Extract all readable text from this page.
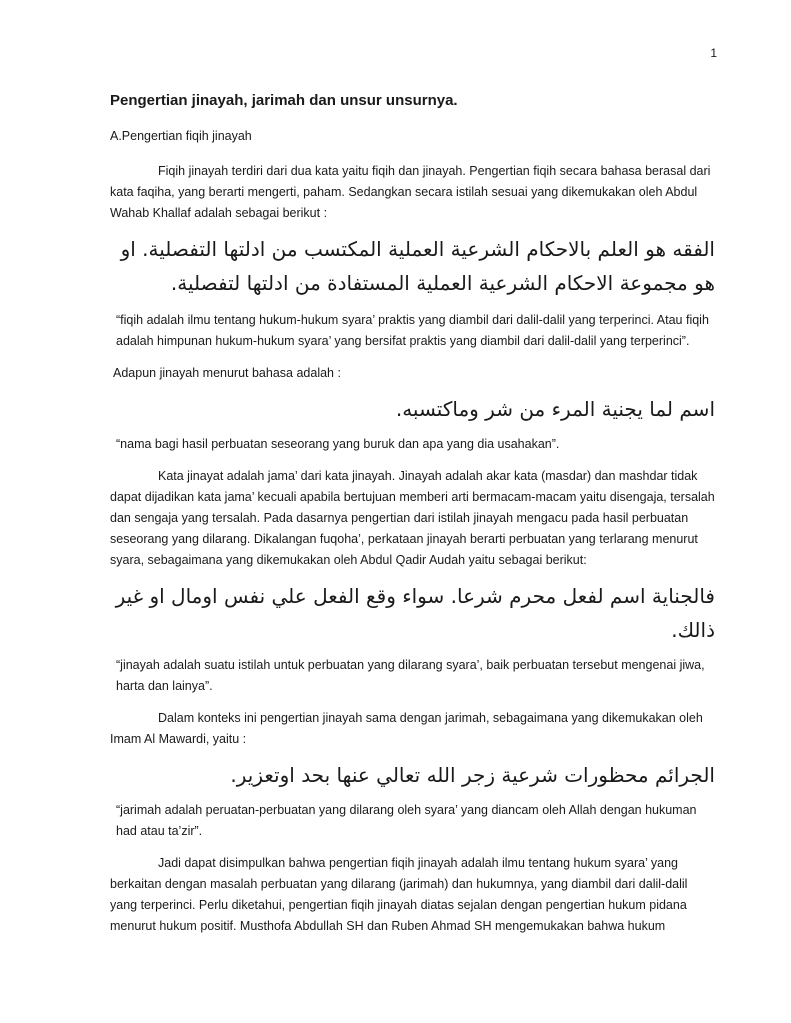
1
Pengertian jinayah, jarimah dan unsur unsurnya.
A.Pengertian fiqih jinayah

Fiqih jinayah terdiri dari dua kata yaitu fiqih dan jinayah. Pengertian fiqih secara bahasa berasal dari kata faqiha, yang berarti mengerti, paham. Sedangkan secara istilah sesuai yang dikemukakan oleh Abdul Wahab Khallaf adalah sebagai berikut :

الفقه هو العلم بالاحكام الشرعية العملية المكتسب من ادلتها التفصلية. او هو مجموعة الاحكام الشرعية العملية المستفادة من ادلتها لتفصلية.

“fiqih adalah ilmu tentang hukum-hukum syara’ praktis yang diambil dari dalil-dalil yang terperinci. Atau fiqih adalah himpunan hukum-hukum syara’ yang bersifat praktis yang diambil dari dalil-dalil yang terperinci”.

Adapun jinayah menurut bahasa adalah :

اسم لما يجنية المرء من شر وماكتسبه.

“nama bagi hasil perbuatan seseorang yang buruk dan apa yang dia usahakan”.

Kata jinayat adalah jama’ dari kata jinayah. Jinayah adalah akar kata (masdar) dan mashdar tidak dapat dijadikan kata jama’ kecuali apabila bertujuan memberi arti bermacam-macam yaitu disengaja, tersalah dan sengaja yang tersalah. Pada dasarnya pengertian dari istilah jinayah mengacu pada hasil perbuatan seseorang yang dilarang. Dikalangan fuqoha’, perkataan jinayah berarti perbuatan yang terlarang menurut syara, sebagaimana yang dikemukakan oleh Abdul Qadir Audah yaitu sebagai berikut:

فالجناية اسم لفعل محرم شرعا. سواء وقع الفعل علي نفس اومال او غير ذالك.

“jinayah adalah suatu istilah untuk perbuatan yang dilarang syara’, baik perbuatan tersebut mengenai jiwa, harta dan lainya”.

Dalam konteks ini pengertian jinayah sama dengan jarimah, sebagaimana yang dikemukakan oleh Imam Al Mawardi, yaitu :

الجرائم محظورات شرعية زجر الله تعالي عنها بحد اوتعزير.

“jarimah adalah peruatan-perbuatan yang dilarang oleh syara’ yang diancam oleh Allah dengan hukuman had atau ta’zir”.

Jadi dapat disimpulkan bahwa pengertian fiqih jinayah adalah ilmu tentang hukum syara’ yang berkaitan dengan masalah perbuatan yang dilarang (jarimah) dan hukumnya, yang diambil dari dalil-dalil yang terperinci. Perlu diketahui, pengertian fiqih jinayah diatas sejalan dengan pengertian hukum pidana menurut hukum positif. Musthofa Abdullah SH dan Ruben Ahmad SH mengemukakan bahwa hukum
